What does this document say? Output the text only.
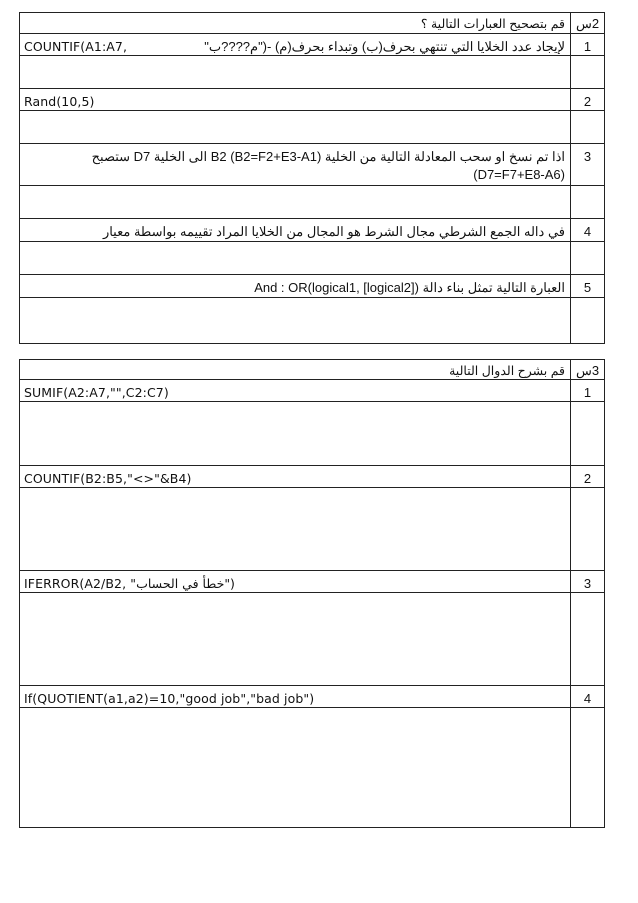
قم بتصحيح العبارات التالية ؟	2س

COUNTIF(A1:A7, لإيجاد عدد الخلايا التي تنتهي بحرف(ب) وتبداء بحرف(م) -("م????ب"	1

Rand(10,5)	2

اذا تم نسخ او سحب المعادلة التالية من الخلية B2 (B2=F2+E3-A1) الى الخلية D7 ستصبح
(D7=F7+E8-A6)	3

في داله الجمع الشرطي مجال الشرط هو المجال من الخلايا المراد تقييمه بواسطة معيار	4

العبارة التالية تمثل بناء دالة And : OR(logical1, [logical2])	5

قم بشرح الدوال التالية	3س

SUMIF(A2:A7,"",C2:C7)	1

COUNTIF(B2:B5,"<>"&B4)	2

IFERROR(A2/B2, "خطأ في الحساب")	3

If(QUOTIENT(a1,a2)=10,"good job","bad job")	4
